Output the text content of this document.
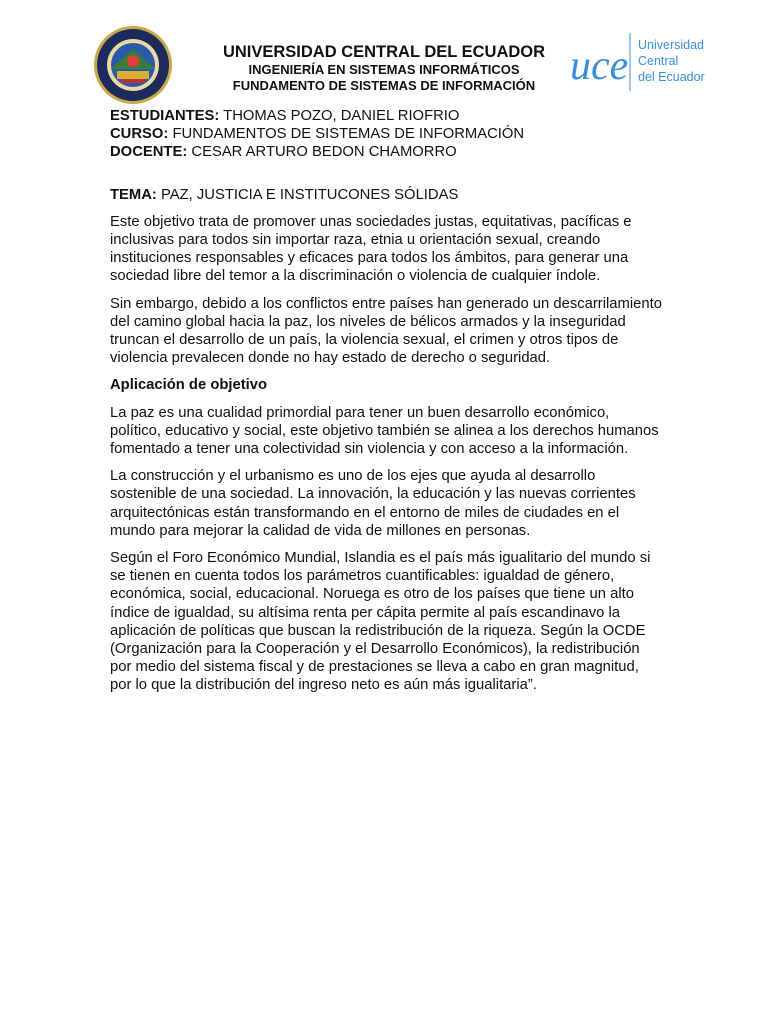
UNIVERSIDAD CENTRAL DEL ECUADOR
INGENIERÍA EN SISTEMAS INFORMÁTICOS
FUNDAMENTO DE SISTEMAS DE INFORMACIÓN uce Universidad
Central
del Ecuador

ESTUDIANTES: THOMAS POZO, DANIEL RIOFRIO

CURSO: FUNDAMENTOS DE SISTEMAS DE INFORMACIÓN

DOCENTE: CESAR ARTURO BEDON CHAMORRO

TEMA: PAZ, JUSTICIA E INSTITUCONES SÓLIDAS

Este objetivo trata de promover unas sociedades justas, equitativas, pacíficas e inclusivas para todos sin importar raza, etnia u orientación sexual, creando instituciones responsables y eficaces para todos los ámbitos, para generar una sociedad libre del temor a la discriminación o violencia de cualquier índole.

Sin embargo, debido a los conflictos entre países han generado un descarrilamiento del camino global hacia la paz, los niveles de bélicos armados y la inseguridad truncan el desarrollo de un país, la violencia sexual, el crimen y otros tipos de violencia prevalecen donde no hay estado de derecho o seguridad.

Aplicación de objetivo

La paz es una cualidad primordial para tener un buen desarrollo económico, político, educativo y social, este objetivo también se alinea a los derechos humanos fomentado a tener una colectividad sin violencia y con acceso a la información.

La construcción y el urbanismo es uno de los ejes que ayuda al desarrollo sostenible de una sociedad. La innovación, la educación y las nuevas corrientes arquitectónicas están transformando en el entorno de miles de ciudades en el mundo para mejorar la calidad de vida de millones en personas.

Según el Foro Económico Mundial, Islandia es el país más igualitario del mundo si se tienen en cuenta todos los parámetros cuantificables: igualdad de género, económica, social, educacional. Noruega es otro de los países que tiene un alto índice de igualdad, su altísima renta per cápita permite al país escandinavo la aplicación de políticas que buscan la redistribución de la riqueza. Según la OCDE (Organización para la Cooperación y el Desarrollo Económicos), la redistribución por medio del sistema fiscal y de prestaciones se lleva a cabo en gran magnitud, por lo que la distribución del ingreso neto es aún más igualitaria”.
